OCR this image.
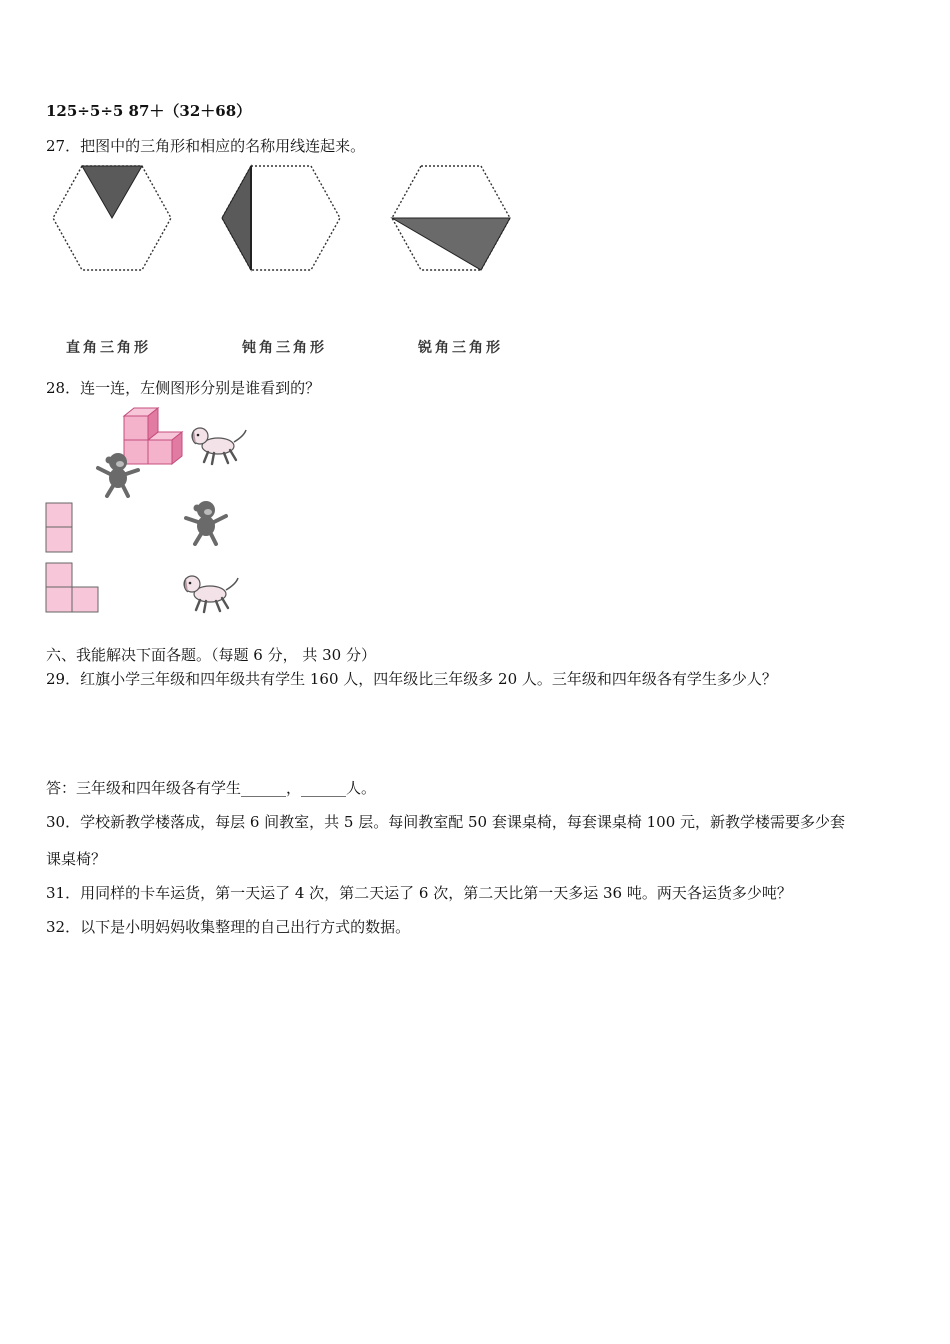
125÷5÷5 87＋（32＋68）
27．把图中的三角形和相应的名称用线连起来。
直角三角形	钝角三角形	锐角三角形
28．连一连，左侧图形分别是谁看到的？
六、我能解决下面各题。（每题 6 分， 共 30 分）
29．红旗小学三年级和四年级共有学生 160 人，四年级比三年级多 20 人。三年级和四年级各有学生多少人？
答：三年级和四年级各有学生______，______人。
30．学校新教学楼落成，每层 6 间教室，共 5 层。每间教室配 50 套课桌椅，每套课桌椅 100 元，新教学楼需要多少套
课桌椅？
31．用同样的卡车运货，第一天运了 4 次，第二天运了 6 次，第二天比第一天多运 36 吨。两天各运货多少吨？
32．以下是小明妈妈收集整理的自己出行方式的数据。
